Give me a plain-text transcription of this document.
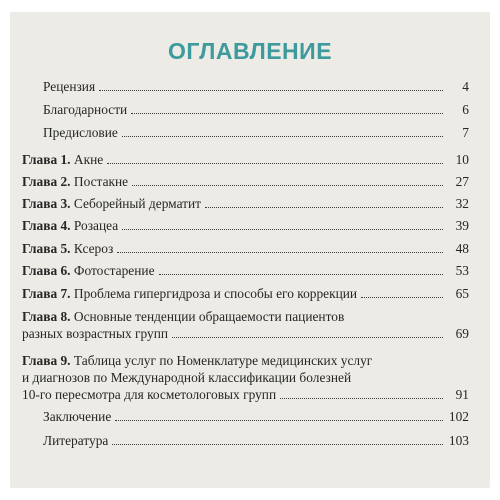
ОГЛАВЛЕНИЕ
Рецензия	4
Благодарности	6
Предисловие	7
Глава 1. Акне	10
Глава 2. Постакне	27
Глава 3. Себорейный дерматит	32
Глава 4. Розацеа	39
Глава 5. Ксероз	48
Глава 6. Фотостарение	53
Глава 7. Проблема гипергидроза и способы его коррекции	65
Глава 8. Основные тенденции обращаемости пациентов
разных возрастных групп	69
Глава 9. Таблица услуг по Номенклатуре медицинских услуг
и диагнозов по Международной классификации болезней
10-го пересмотра для косметологовых групп	91
Заключение	102
Литература	103
